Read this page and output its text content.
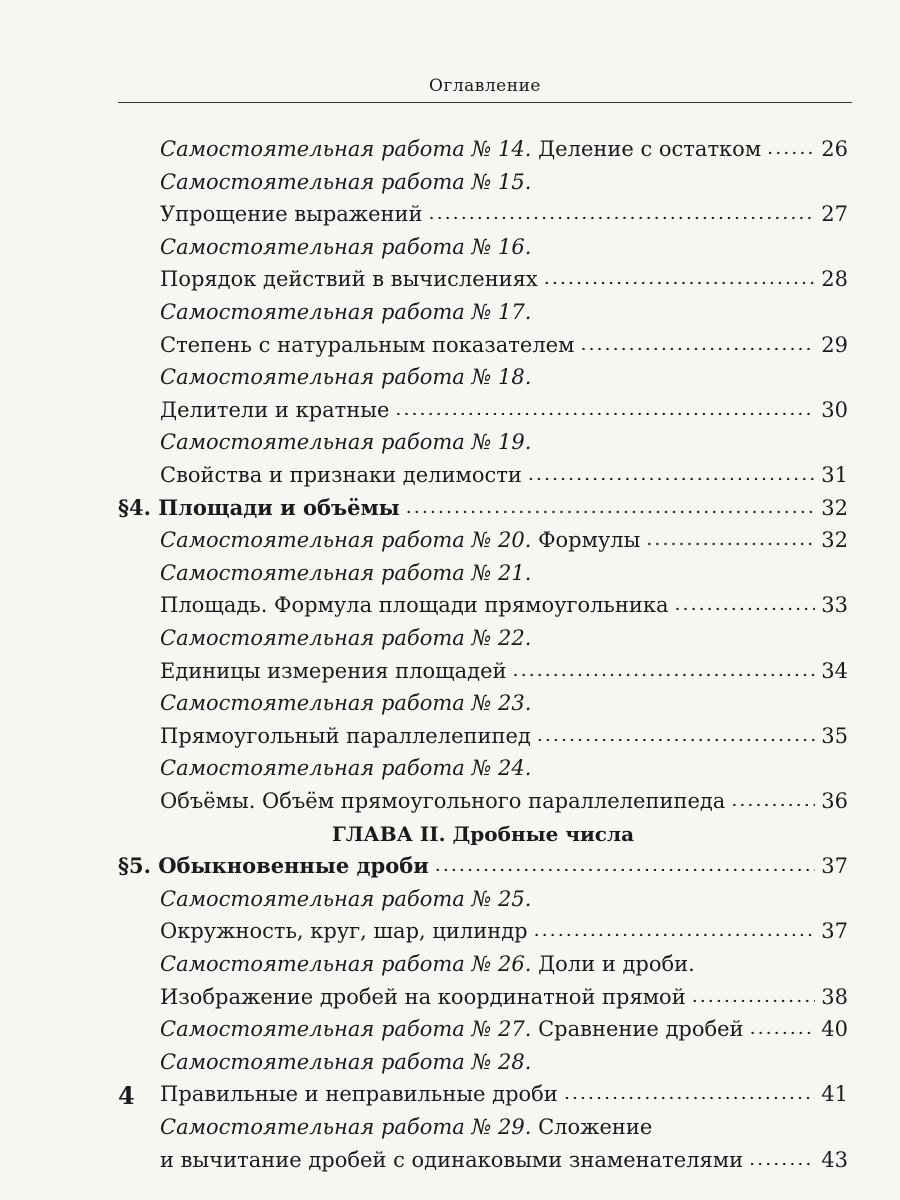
Оглавление
Самостоятельная работа № 14. Деление с остатком .....	26
Самостоятельная работа № 15.
Упрощение выражений .....	27
Самостоятельная работа № 16.
Порядок действий в вычислениях .....	28
Самостоятельная работа № 17.
Степень с натуральным показателем .....	29
Самостоятельная работа № 18.
Делители и кратные .....	30
Самостоятельная работа № 19.
Свойства и признаки делимости .....	31
§4. Площади и объёмы .....	32
Самостоятельная работа № 20. Формулы .....	32
Самостоятельная работа № 21.
Площадь. Формула площади прямоугольника .....	33
Самостоятельная работа № 22.
Единицы измерения площадей .....	34
Самостоятельная работа № 23.
Прямоугольный параллелепипед .....	35
Самостоятельная работа № 24.
Объёмы. Объём прямоугольного параллелепипеда .....	36
ГЛАВА II. Дробные числа
§5. Обыкновенные дроби .....	37
Самостоятельная работа № 25.
Окружность, круг, шар, цилиндр .....	37
Самостоятельная работа № 26. Доли и дроби.
Изображение дробей на координатной прямой .....	38
Самостоятельная работа № 27. Сравнение дробей .....	40
Самостоятельная работа № 28.
Правильные и неправильные дроби .....	41
Самостоятельная работа № 29. Сложение
и вычитание дробей с одинаковыми знаменателями .....	43
4
